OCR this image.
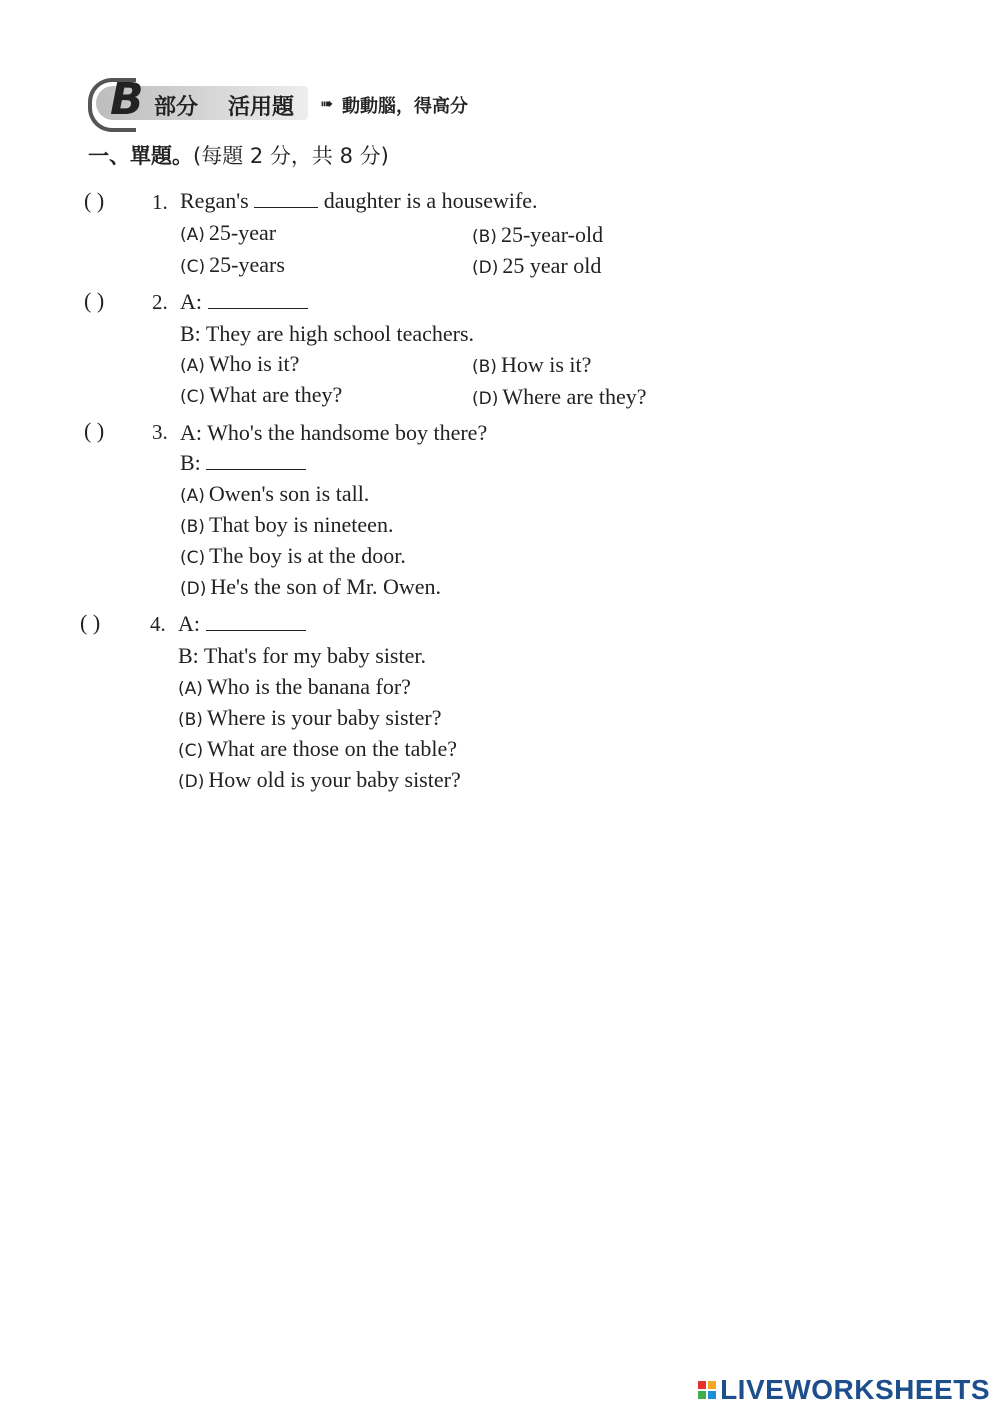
B 部分 活用題 ➠ 動動腦，得高分
一、單題。(每題 2 分，共 8 分)
( ) 1. Regan's	daughter is a housewife.
(A) 25-year	(B) 25-year-old
(C) 25-years	(D) 25 year old
( ) 2. A:
B: They are high school teachers.
(A) Who is it?	(B) How is it?
(C) What are they?	(D) Where are they?
( ) 3. A: Who's the handsome boy there?
B:
(A) Owen's son is tall.
(B) That boy is nineteen.
(C) The boy is at the door.
(D) He's the son of Mr. Owen.
( ) 4. A:
B: That's for my baby sister.
(A) Who is the banana for?
(B) Where is your baby sister?
(C) What are those on the table?
(D) How old is your baby sister?
LIVEWORKSHEETS
